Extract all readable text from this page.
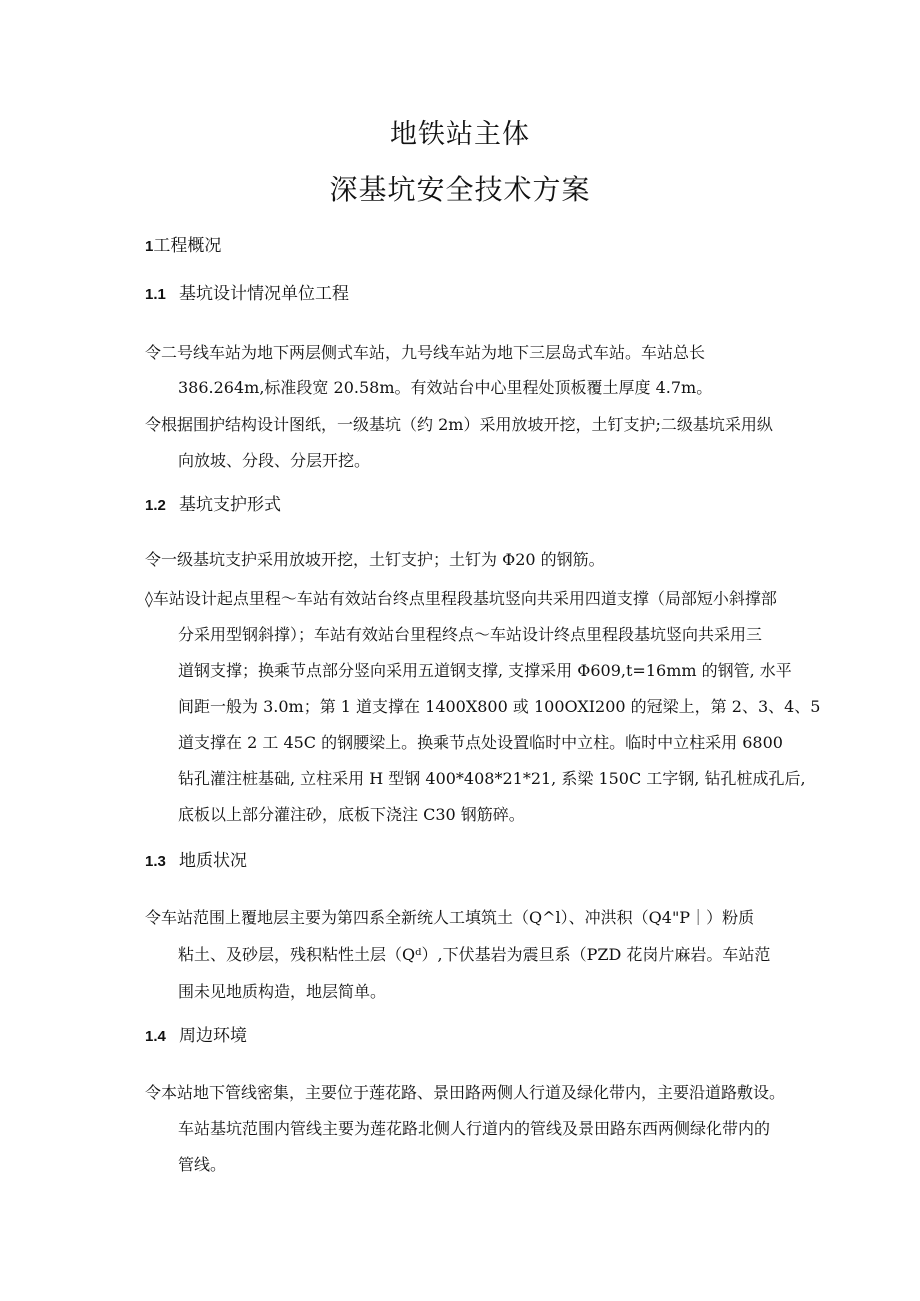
地铁站主体
深基坑安全技术方案
1工程概况
1.1 基坑设计情况单位工程
令二号线车站为地下两层侧式车站，九号线车站为地下三层岛式车站。车站总长
386.264m,标准段宽 20.58m。有效站台中心里程处顶板覆土厚度 4.7m。
令根据围护结构设计图纸，一级基坑（约 2m）采用放坡开挖，土钉支护;二级基坑采用纵
向放坡、分段、分层开挖。
1.2 基坑支护形式
令一级基坑支护采用放坡开挖，土钉支护；土钉为 Φ20 的钢筋。
◊车站设计起点里程～车站有效站台终点里程段基坑竖向共采用四道支撑（局部短小斜撑部
分采用型钢斜撑）；车站有效站台里程终点～车站设计终点里程段基坑竖向共采用三
道钢支撑；换乘节点部分竖向采用五道钢支撑, 支撑采用 Φ609,t=16mm 的钢管, 水平
间距一般为 3.0m；第 1 道支撑在 1400X800 或 100OXI200 的冠梁上，第 2、3、4、5
道支撑在 2 工 45C 的钢腰梁上。换乘节点处设置临时中立柱。临时中立柱采用 6800
钻孔灌注桩基础, 立柱采用 H 型钢 400*408*21*21, 系梁 150C 工字钢, 钻孔桩成孔后,
底板以上部分灌注砂，底板下浇注 C30 钢筋碎。
1.3 地质状况
令车站范围上覆地层主要为第四系全新统人工填筑土（Q^l）、冲洪积（Q4"P｜）粉质
粘土、及砂层，残积粘性土层（Qᵈ）,下伏基岩为震旦系（PZD 花岗片麻岩。车站范
围未见地质构造，地层简单。
1.4 周边环境
令本站地下管线密集，主要位于莲花路、景田路两侧人行道及绿化带内，主要沿道路敷设。
车站基坑范围内管线主要为莲花路北侧人行道内的管线及景田路东西两侧绿化带内的
管线。
